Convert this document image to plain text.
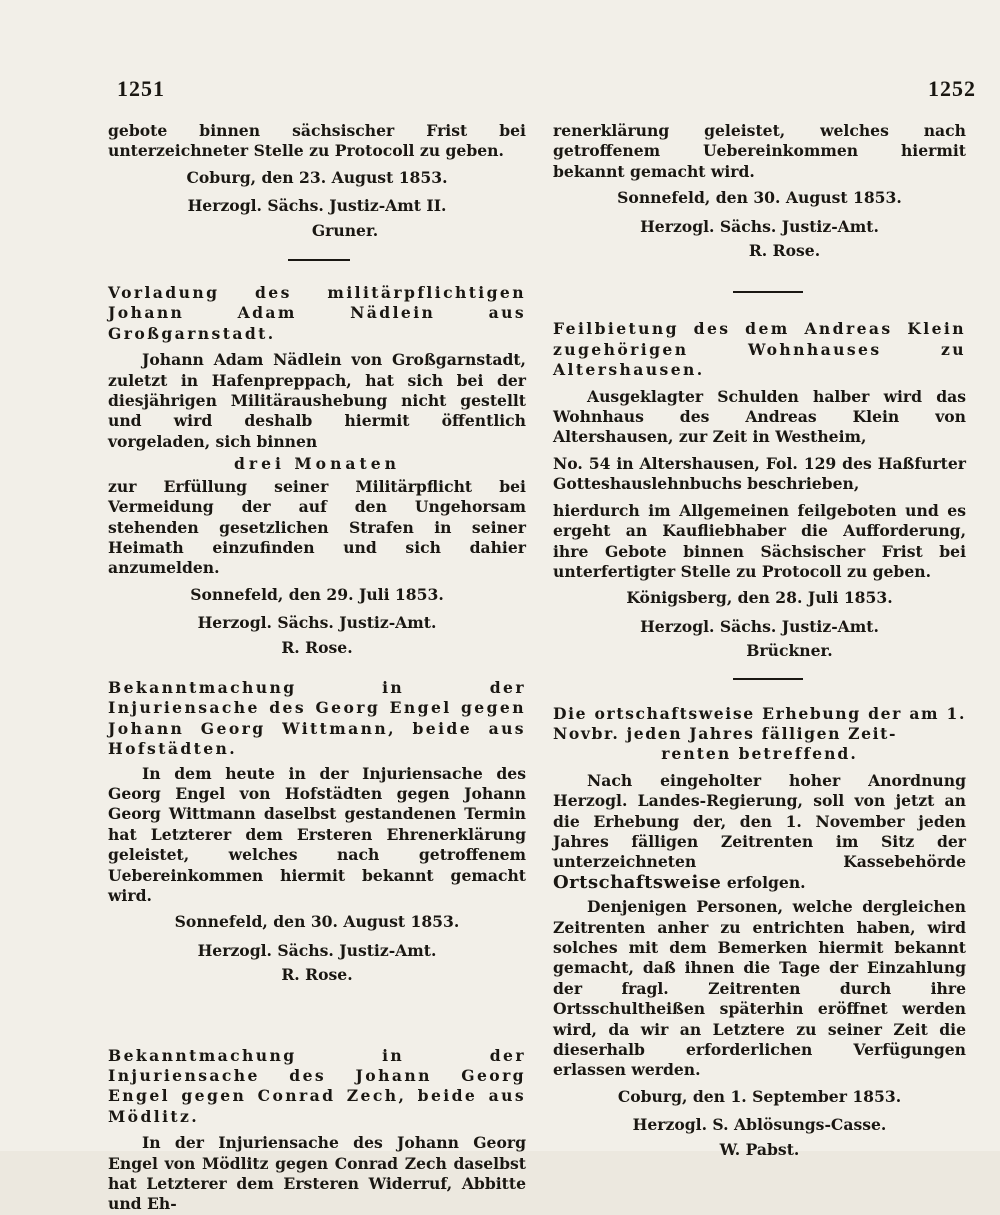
1251	1252

gebote binnen sächsischer Frist bei unterzeichneter Stelle zu Protocoll zu geben.

Coburg, den 23. August 1853.
Herzogl. Sächs. Justiz-Amt II.
Gruner.

Vorladung des militärpflichtigen Johann Adam Nädlein aus Großgarnstadt.

Johann Adam Nädlein von Großgarnstadt, zuletzt in Hafenpreppach, hat sich bei der diesjährigen Militäraushebung nicht gestellt und wird deshalb hiermit öffentlich vorgeladen, sich binnen

drei Monaten

zur Erfüllung seiner Militärpflicht bei Vermeidung der auf den Ungehorsam stehenden gesetzlichen Strafen in seiner Heimath einzufinden und sich dahier anzumelden.

Sonnefeld, den 29. Juli 1853.
Herzogl. Sächs. Justiz-Amt.
R. Rose.

Bekanntmachung in der Injuriensache des Georg Engel gegen Johann Georg Wittmann, beide aus Hofstädten.

In dem heute in der Injuriensache des Georg Engel von Hofstädten gegen Johann Georg Wittmann daselbst gestandenen Termin hat Letzterer dem Ersteren Ehrenerklärung geleistet, welches nach getroffenem Uebereinkommen hiermit bekannt gemacht wird.

Sonnefeld, den 30. August 1853.
Herzogl. Sächs. Justiz-Amt.
R. Rose.

Bekanntmachung in der Injuriensache des Johann Georg Engel gegen Conrad Zech, beide aus Mödlitz.

In der Injuriensache des Johann Georg Engel von Mödlitz gegen Conrad Zech daselbst hat Letzterer dem Ersteren Widerruf, Abbitte und Eh-

renerklärung geleistet, welches nach getroffenem Uebereinkommen hiermit bekannt gemacht wird.

Sonnefeld, den 30. August 1853.
Herzogl. Sächs. Justiz-Amt.
R. Rose.

Feilbietung des dem Andreas Klein zugehörigen Wohnhauses zu Altershausen.

Ausgeklagter Schulden halber wird das Wohnhaus des Andreas Klein von Altershausen, zur Zeit in Westheim,

No. 54 in Altershausen, Fol. 129 des Haßfurter Gotteshauslehnbuchs beschrieben,

hierdurch im Allgemeinen feilgeboten und es ergeht an Kaufliebhaber die Aufforderung, ihre Gebote binnen Sächsischer Frist bei unterfertigter Stelle zu Protocoll zu geben.

Königsberg, den 28. Juli 1853.
Herzogl. Sächs. Justiz-Amt.
Brückner.

Die ortschaftsweise Erhebung der am 1. Novbr. jeden Jahres fälligen Zeit-

renten betreffend.

Nach eingeholter hoher Anordnung Herzogl. Landes-Regierung, soll von jetzt an die Erhebung der, den 1. November jeden Jahres fälligen Zeitrenten im Sitz der unterzeichneten Kassebehörde Ortschaftsweise erfolgen.

Denjenigen Personen, welche dergleichen Zeitrenten anher zu entrichten haben, wird solches mit dem Bemerken hiermit bekannt gemacht, daß ihnen die Tage der Einzahlung der fragl. Zeitrenten durch ihre Ortsschultheißen späterhin eröffnet werden wird, da wir an Letztere zu seiner Zeit die dieserhalb erforderlichen Verfügungen erlassen werden.

Coburg, den 1. September 1853.
Herzogl. S. Ablösungs-Casse.
W. Pabst.
